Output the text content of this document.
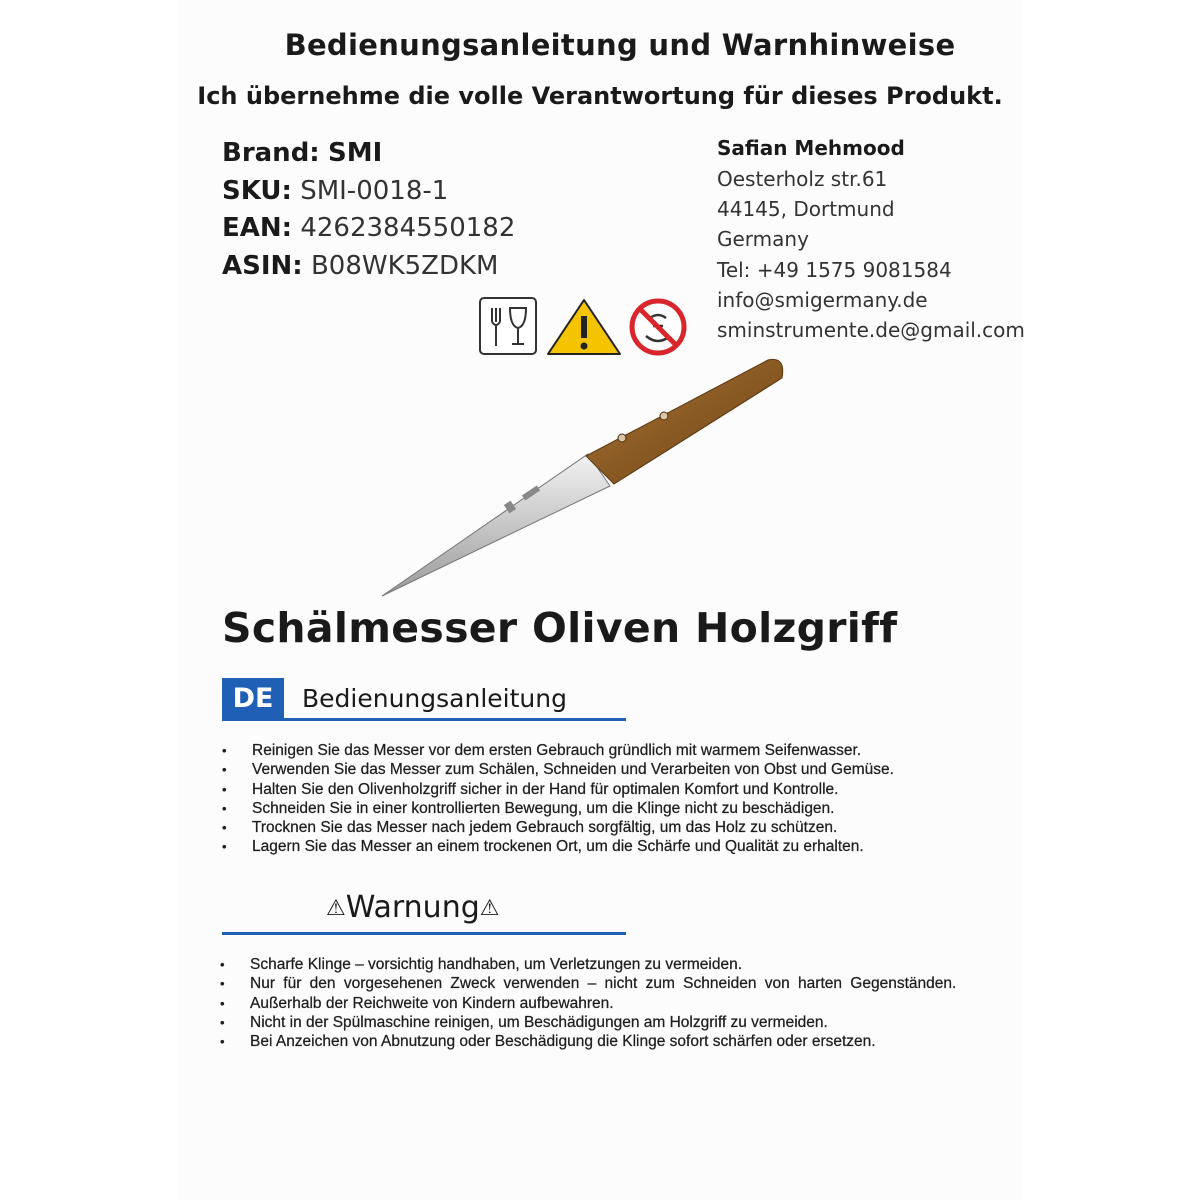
Bedienungsanleitung und Warnhinweise
Ich übernehme die volle Verantwortung für dieses Produkt.
Brand: SMI
SKU: SMI-0018-1
EAN: 4262384550182
ASIN: B08WK5ZDKM
Safian Mehmood
Oesterholz str.61
44145, Dortmund
Germany
Tel: +49 1575 9081584
info@smigermany.de
sminstrumente.de@gmail.com
Schälmesser Oliven Holzgriff
DE	Bedienungsanleitung
• Reinigen Sie das Messer vor dem ersten Gebrauch gründlich mit warmem Seifenwasser.
• Verwenden Sie das Messer zum Schälen, Schneiden und Verarbeiten von Obst und Gemüse.
• Halten Sie den Olivenholzgriff sicher in der Hand für optimalen Komfort und Kontrolle.
• Schneiden Sie in einer kontrollierten Bewegung, um die Klinge nicht zu beschädigen.
• Trocknen Sie das Messer nach jedem Gebrauch sorgfältig, um das Holz zu schützen.
• Lagern Sie das Messer an einem trockenen Ort, um die Schärfe und Qualität zu erhalten.
⚠Warnung⚠
• Scharfe Klinge – vorsichtig handhaben, um Verletzungen zu vermeiden.
• Nur für den vorgesehenen Zweck verwenden – nicht zum Schneiden von harten Gegenständen.
• Außerhalb der Reichweite von Kindern aufbewahren.
• Nicht in der Spülmaschine reinigen, um Beschädigungen am Holzgriff zu vermeiden.
• Bei Anzeichen von Abnutzung oder Beschädigung die Klinge sofort schärfen oder ersetzen.
